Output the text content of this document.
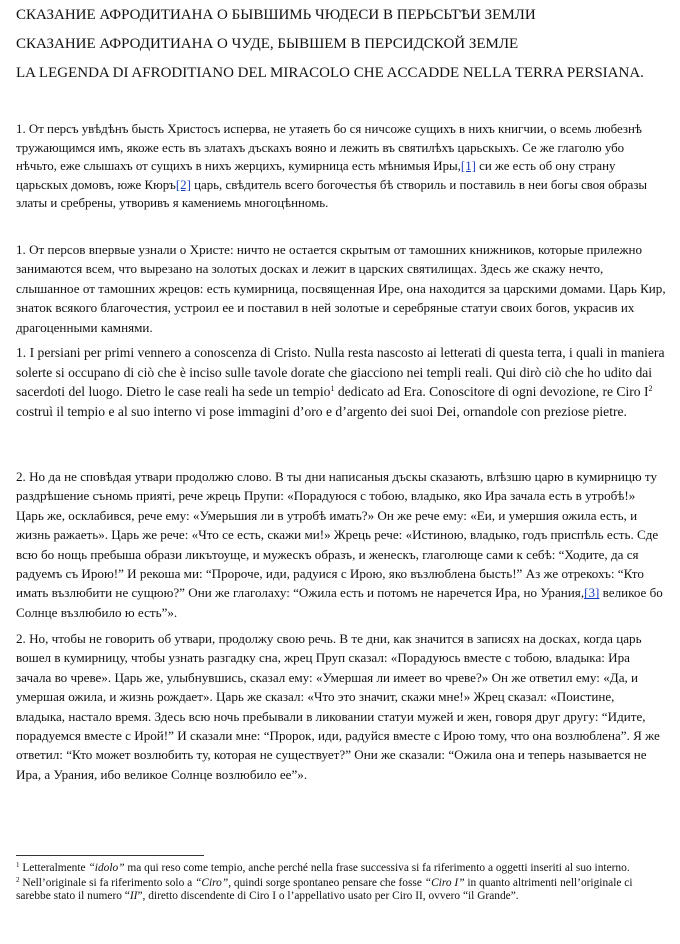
СКАЗАНИЕ АФРОДИТИАНА О БЫВШИМЬ ЧЮДЕСИ В ПЕРЬСЬТѢИ ЗЕМЛИ
СКАЗАНИЕ АФРОДИТИАНА О ЧУДЕ, БЫВШЕМ В ПЕРСИДСКОЙ ЗЕМЛЕ
LA LEGENDA DI AFRODITIANO DEL MIRACOLO CHE ACCADDE NELLA TERRA PERSIANA.

1. От персъ увѣдѣнъ бысть Христосъ исперва, не утаяеть бо ся ничсоже сущихъ в нихъ книгчии, о всемь любезнѣ тружающимся имъ, якоже есть въ златахъ дъскахъ вояно и лежить въ святилѣхъ царьскыхъ. Се же глаголю убо нѣчьто, еже слышахъ от сущихъ в нихъ жерцихъ, кумирница есть мѣнимыя Иры,[1] си же есть об ону страну царьскых домовъ, юже Кюръ[2] царь, свѣдитель всего богочестья бѣ створиль и поставиль в неи богы своя образы златы и сребрены, утворивъ я камениемь многоцѣнномь.

1. От персов впервые узнали о Христе: ничто не остается скрытым от тамошних книжников, которые прилежно занимаются всем, что вырезано на золотых досках и лежит в царских святилищах. Здесь же скажу нечто, слышанное от тамошних жрецов: есть кумирница, посвященная Ире, она находится за царскими домами. Царь Кир, знаток всякого благочестия, устроил ее и поставил в ней золотые и серебряные статуи своих богов, украсив их драгоценными камнями.

1. I persiani per primi vennero a conoscenza di Cristo. Nulla resta nascosto ai letterati di questa terra, i quali in maniera solerte si occupano di ciò che è inciso sulle tavole dorate che giacciono nei templi reali. Qui dirò ciò che ho udito dai sacerdoti del luogo. Dietro le case reali ha sede un tempio$^1$ dedicato ad Era. Conoscitore di ogni devozione, re Ciro $I^2$ costruì il tempio e al suo interno vi pose immagini d’oro e d’argento dei suoi Dei, ornandole con preziose pietre.

2. Но да не сповѣдая утвари продолжю слово. В ты дни написаныя дъскы сказають, влѣзшю царю в кумирницю ту раздрѣшение съномь приятi, рече жрець Прупи: «Порадуюся с тобою, владыко, яко Ира зачала есть в утробѣ!» Царь же, осклабився, рече ему: «Умерьшия ли в утробѣ имать?» Он же рече ему: «Еи, и умершия ожила есть, и жизнь ражаеть». Царь же рече: «Что се есть, скажи ми!» Жрець рече: «Истиною, владыко, годъ приспѣль есть. Сде всю бо нощь пребыша образи ликътоуще, и мужескъ образъ, и женескъ, глаголюще сами к себѣ: “Ходите, да ся радуемъ съ Ирою!” И рекоша ми: “Пророче, иди, радуися с Ирою, яко възлюблена бысть!” Аз же отрекохъ: “Кто имать възлюбити не сущюю?” Они же глаголаху: “Ожила есть и потомъ не наречется Ира, но Урания,[3] великое бо Солнце възлюбило ю есть”».

2. Но, чтобы не говорить об утвари, продолжу свою речь. В те дни, как значится в записях на досках, когда царь вошел в кумирницу, чтобы узнать разгадку сна, жрец Пруп сказал: «Порадуюсь вместе с тобою, владыка: Ира зачала во чреве». Царь же, улыбнувшись, сказал ему: «Умершая ли имеет во чреве?» Он же ответил ему: «Да, и умершая ожила, и жизнь рождает». Царь же сказал: «Что это значит, скажи мне!» Жрец сказал: «Поистине, владыка, настало время. Здесь всю ночь пребывали в ликовании статуи мужей и жен, говоря друг другу: “Идите, порадуемся вместе с Ирой!” И сказали мне: “Пророк, иди, радуйся вместе с Ирою тому, что она возлюблена”. Я же ответил: “Кто может возлюбить ту, которая не существует?” Они же сказали: “Ожила она и теперь называется не Ира, а Урания, ибо великое Солнце возлюбило ее”».

$^1$ Letteralmente “idolo” ma qui reso come tempio, anche perché nella frase successiva si fa riferimento a oggetti inseriti al suo interno.

$^2$ Nell’originale si fa riferimento solo a “Ciro”, quindi sorge spontaneo pensare che fosse “Ciro I” in quanto altrimenti nell’originale ci sarebbe stato il numero “II”, diretto discendente di Ciro I o l’appellativo usato per Ciro II, ovvero “il Grande”.
